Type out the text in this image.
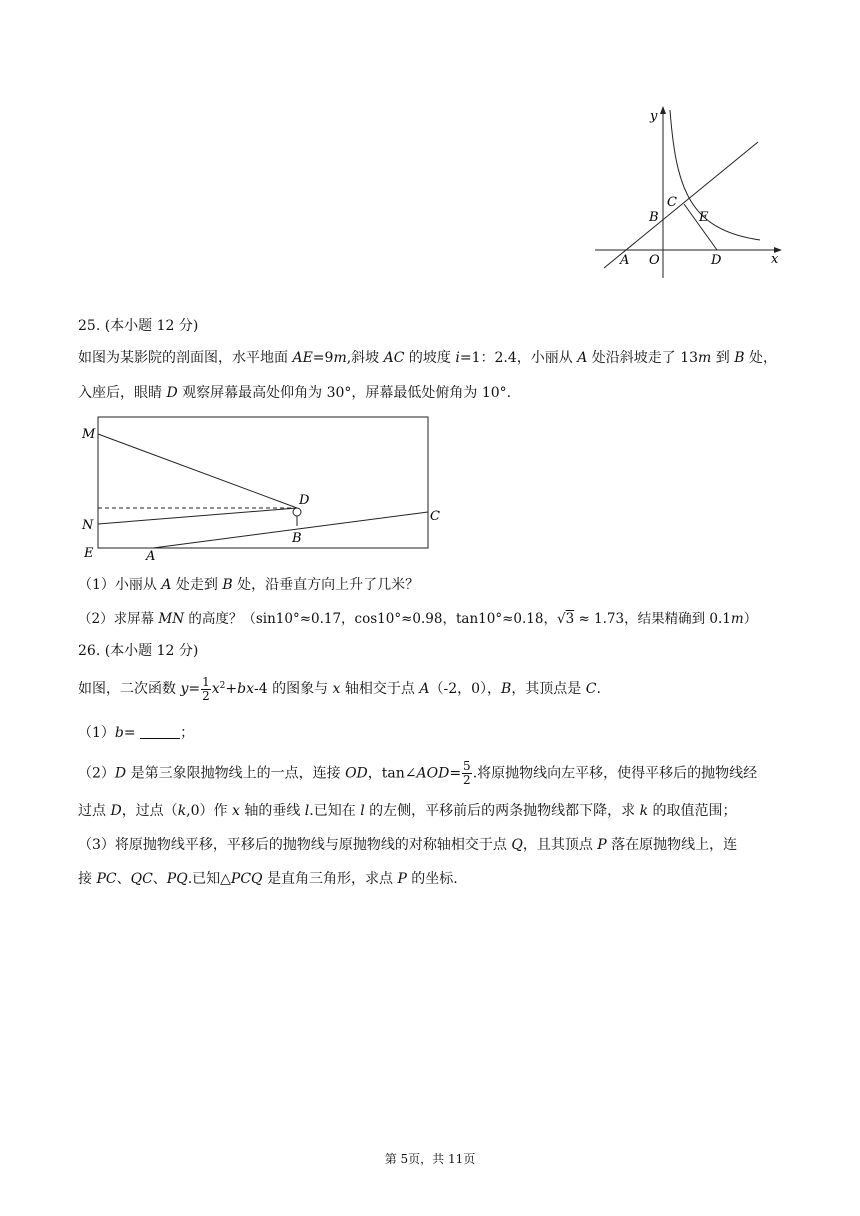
y
x
O
A
B
C
D
E
25. (本小题 12 分)
如图为某影院的剖面图，水平地面 AE=9m,斜坡 AC 的坡度 i=1：2.4，小丽从 A 处沿斜坡走了 13m 到 B 处，
入座后，眼睛 D 观察屏幕最高处仰角为 30°，屏幕最低处俯角为 10°.
M
N
E	A
B
C
D
（1）小丽从 A 处走到 B 处，沿垂直方向上升了几米？
（2）求屏幕 MN 的高度？（sin10°≈0.17，cos10°≈0.98，tan10°≈0.18，√3 ≈ 1.73，结果精确到 0.1m）
26. (本小题 12 分)
如图，二次函数 $y= \frac{1}{2} x^2+bx-4$ 的图象与 x 轴相交于点 A（-2，0），B，其顶点是 C.
（1）b=	；
（2）D 是第三象限抛物线上的一点，连接 OD，tan∠AOD= $\frac{5}{2}$ .将原抛物线向左平移，使得平移后的抛物线经
过点 D，过点（k,0）作 x 轴的垂线 l.已知在 l 的左侧，平移前后的两条抛物线都下降，求 k 的取值范围；
（3）将原抛物线平移，平移后的抛物线与原抛物线的对称轴相交于点 Q，且其顶点 P 落在原抛物线上，连
接 PC、QC、PQ.已知△PCQ 是直角三角形，求点 P 的坐标.
第 5页，共 11页
